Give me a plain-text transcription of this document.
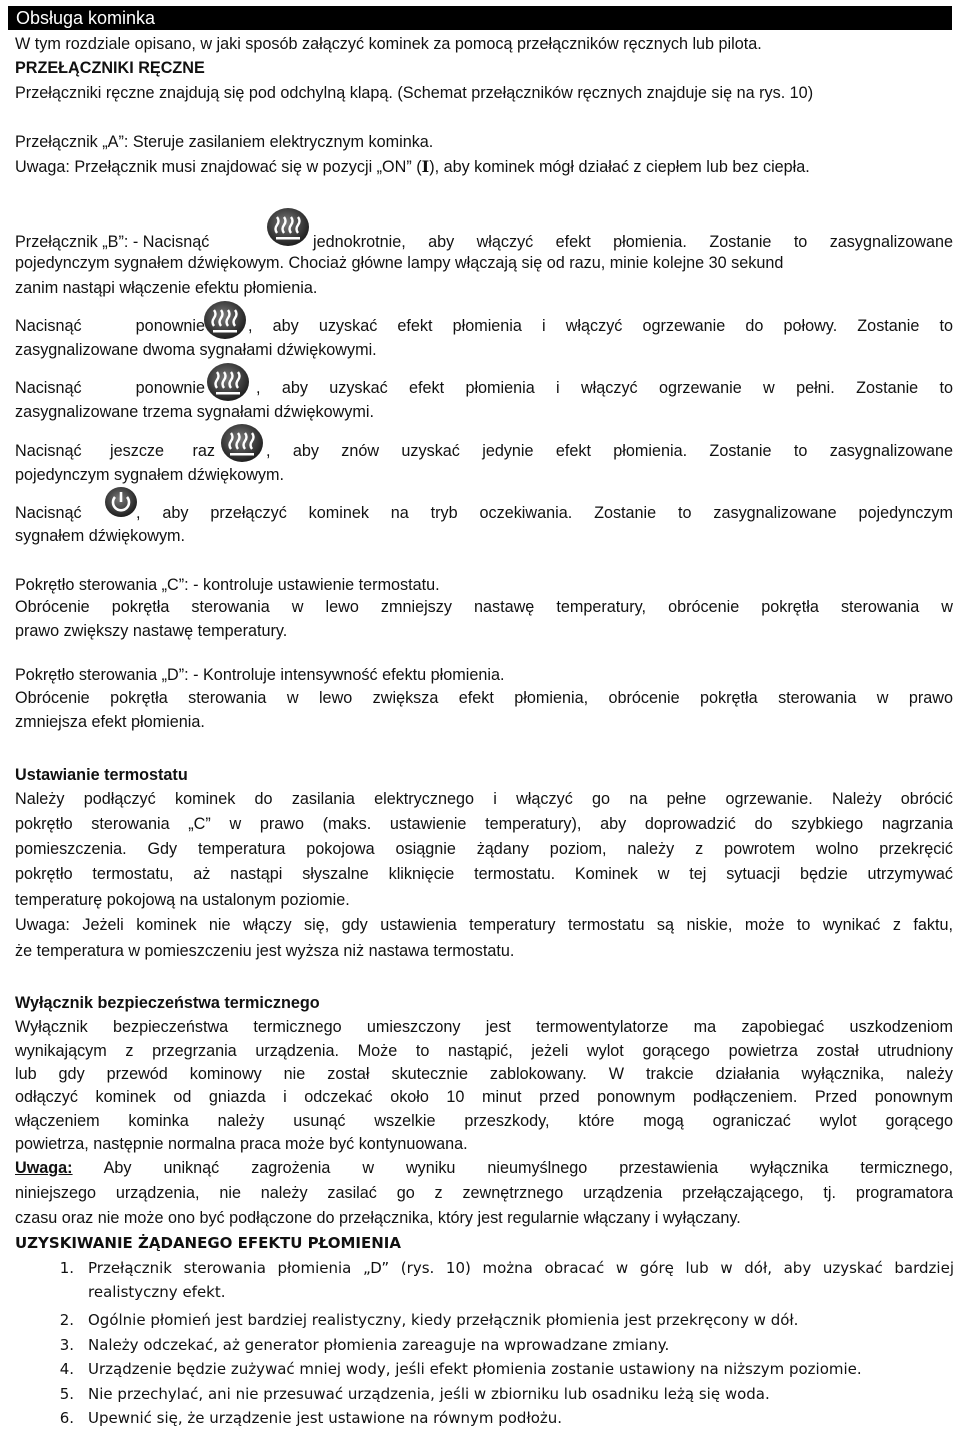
Obsługa kominka
W tym rozdziale opisano, w jaki sposób załączyć kominek za pomocą przełączników ręcznych lub pilota.
PRZEŁĄCZNIKI RĘCZNE
Przełączniki ręczne znajdują się pod odchylną klapą. (Schemat przełączników ręcznych znajduje się na rys. 10)
Przełącznik „A”: Steruje zasilaniem elektrycznym kominka.
Uwaga: Przełącznik musi znajdować się w pozycji „ON” (I), aby kominek mógł działać z ciepłem lub bez ciepła.
Przełącznik „B”: - Nacisnąć	jednokrotnie, aby włączyć efekt płomienia. Zostanie to zasygnalizowane
pojedynczym sygnałem dźwiękowym. Chociaż główne lampy włączają się od razu, minie kolejne 30 sekund
zanim nastąpi włączenie efektu płomienia.
Nacisnąć ponownie	, aby uzyskać efekt płomienia i włączyć ogrzewanie do połowy. Zostanie to
zasygnalizowane dwoma sygnałami dźwiękowymi.
Nacisnąć ponownie	, aby uzyskać efekt płomienia i włączyć ogrzewanie w pełni. Zostanie to
zasygnalizowane trzema sygnałami dźwiękowymi.
Nacisnąć jeszcze raz	, aby znów uzyskać jedynie efekt płomienia. Zostanie to zasygnalizowane
pojedynczym sygnałem dźwiękowym.
Nacisnąć	, aby przełączyć kominek na tryb oczekiwania. Zostanie to zasygnalizowane pojedynczym
sygnałem dźwiękowym.
Pokrętło sterowania „C”: - kontroluje ustawienie termostatu.
Obrócenie pokrętła sterowania w lewo zmniejszy nastawę temperatury, obrócenie pokrętła sterowania w
prawo zwiększy nastawę temperatury.
Pokrętło sterowania „D”: - Kontroluje intensywność efektu płomienia.
Obrócenie pokrętła sterowania w lewo zwiększa efekt płomienia, obrócenie pokrętła sterowania w prawo
zmniejsza efekt płomienia.
Ustawianie termostatu
Należy podłączyć kominek do zasilania elektrycznego i włączyć go na pełne ogrzewanie. Należy obrócić
pokrętło sterowania „C” w prawo (maks. ustawienie temperatury), aby doprowadzić do szybkiego nagrzania
pomieszczenia. Gdy temperatura pokojowa osiągnie żądany poziom, należy z powrotem wolno przekręcić
pokrętło termostatu, aż nastąpi słyszalne kliknięcie termostatu. Kominek w tej sytuacji będzie utrzymywać
temperaturę pokojową na ustalonym poziomie.
Uwaga: Jeżeli kominek nie włączy się, gdy ustawienia temperatury termostatu są niskie, może to wynikać z faktu,
że temperatura w pomieszczeniu jest wyższa niż nastawa termostatu.
Wyłącznik bezpieczeństwa termicznego
Wyłącznik bezpieczeństwa termicznego umieszczony jest termowentylatorze ma zapobiegać uszkodzeniom
wynikającym z przegrzania urządzenia. Może to nastąpić, jeżeli wylot gorącego powietrza został utrudniony
lub gdy przewód kominowy nie został skutecznie zablokowany. W trakcie działania wyłącznika, należy
odłączyć kominek od gniazda i odczekać około 10 minut przed ponownym podłączeniem. Przed ponownym
włączeniem kominka należy usunąć wszelkie przeszkody, które mogą ograniczać wylot gorącego
powietrza, następnie normalna praca może być kontynuowana.
Uwaga: Aby uniknąć zagrożenia w wyniku nieumyślnego przestawienia wyłącznika termicznego,
niniejszego urządzenia, nie należy zasilać go z zewnętrznego urządzenia przełączającego, tj. programatora
czasu oraz nie może ono być podłączone do przełącznika, który jest regularnie włączany i wyłączany.
UZYSKIWANIE ŻĄDANEGO EFEKTU PŁOMIENIA
1. Przełącznik sterowania płomienia „D” (rys. 10) można obracać w górę lub w dół, aby uzyskać bardziej
realistyczny efekt.
2. Ogólnie płomień jest bardziej realistyczny, kiedy przełącznik płomienia jest przekręcony w dół.
3. Należy odczekać, aż generator płomienia zareaguje na wprowadzane zmiany.
4. Urządzenie będzie zużywać mniej wody, jeśli efekt płomienia zostanie ustawiony na niższym poziomie.
5. Nie przechylać, ani nie przesuwać urządzenia, jeśli w zbiorniku lub osadniku leżą się woda.
6. Upewnić się, że urządzenie jest ustawione na równym podłożu.
